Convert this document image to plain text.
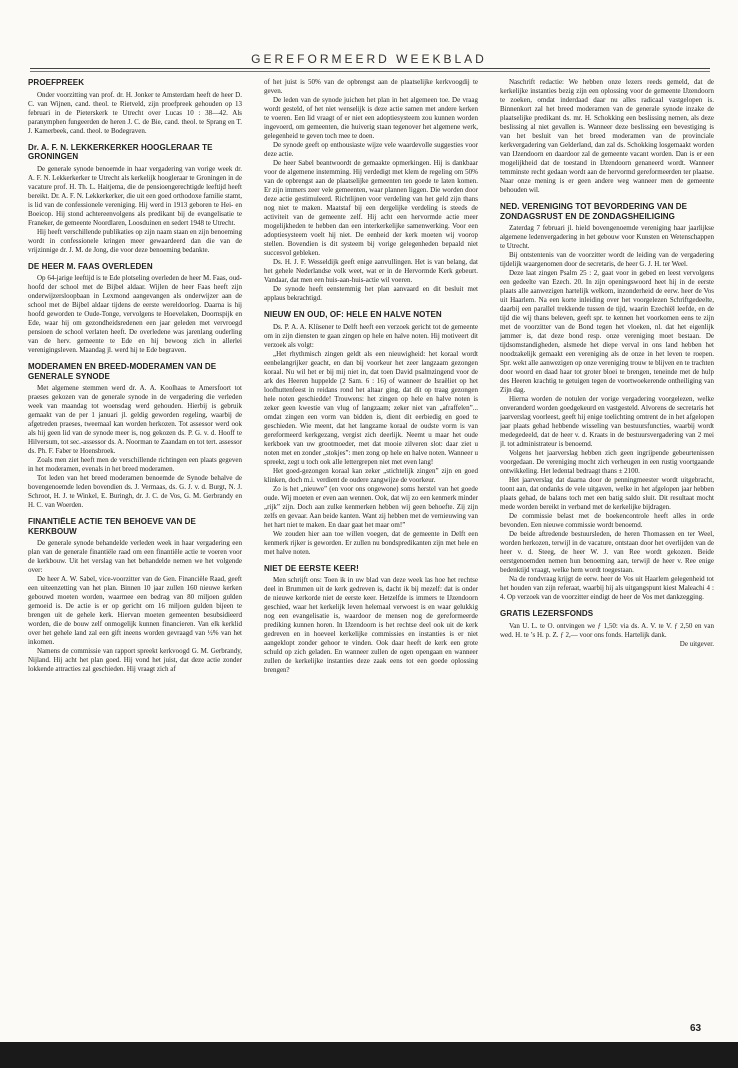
GEREFORMEERD WEEKBLAD
PROEFPREEK

Onder voorzitting van prof. dr. H. Jonker te Amsterdam heeft de heer D. C. van Wijnen, cand. theol. te Rietveld, zijn proefpreek gehouden op 13 februari in de Pieterskerk te Utrecht over Lucas 10 : 38—42. Als paranymphen fungeerden de heren J. C. de Bie, cand. theol. te Sprang en T. J. Kamerbeek, cand. theol. te Bodegraven.

Dr. A. F. N. LEKKERKERKER HOOGLERAAR TE GRONINGEN

De generale synode benoemde in haar vergadering van vorige week dr. A. F. N. Lekkerkerker te Utrecht als kerkelijk hoogleraar te Groningen in de vacature prof. H. Th. L. Haitjema, die de pensioengerechtigde leeftijd heeft bereikt. Dr. A. F. N. Lekkerkerker, die uit een goed orthodoxe familie stamt, is lid van de confessionele vereniging. Hij werd in 1913 geboren te Hei- en Boeicop. Hij stond achtereenvolgens als predikant bij de evangelisatie te Franeker, de gemeente Noordlaren, Loosduinen en sedert 1948 te Utrecht.

Hij heeft verschillende publikaties op zijn naam staan en zijn benoeming wordt in confessionele kringen meer gewaardeerd dan die van de vrijzinnige dr. J. M. de Jong, die voor deze benoeming bedankte.

DE HEER M. FAAS OVERLEDEN

Op 64-jarige leeftijd is te Ede plotseling overleden de heer M. Faas, oud-hoofd der school met de Bijbel aldaar. Wijlen de heer Faas heeft zijn onderwijzersloopbaan in Lexmond aangevangen als onderwijzer aan de school met de Bijbel aldaar tijdens de eerste wereldoorlog. Daarna is hij hoofd geworden te Oude-Tonge, vervolgens te Hoevelaken, Doornspijk en Ede, waar hij om gezondheidsredenen een jaar geleden met vervroegd pensioen de school verlaten heeft. De overledene was jarenlang ouderling van de herv. gemeente te Ede en hij bewoog zich in allerlei verenigingsleven. Maandag jl. werd hij te Ede begraven.

MODERAMEN EN BREED-MODERAMEN VAN DE GENERALE SYNODE

Met algemene stemmen werd dr. A. A. Koolhaas te Amersfoort tot praeses gekozen van de generale synode in de vergadering die verleden week van maandag tot woensdag werd gehouden. Hierbij is gebruik gemaakt van de per 1 januari jl. geldig geworden regeling, waarbij de afgetreden praeses, tweemaal kan worden herkozen. Tot assessor werd ook als hij geen lid van de synode meer is, nog gekozen ds. P. G. v. d. Hooff te Hilversum, tot sec.-assessor ds. A. Noorman te Zaandam en tot tert. assessor ds. Ph. F. Faber te Hoensbroek.

Zoals men ziet heeft men de verschillende richtingen een plaats gegeven in het moderamen, evenals in het breed moderamen.

Tot leden van het breed moderamen benoemde de Synode behalve de bovengenoemde leden bovendien ds. J. Vermaas, ds. G. J. v. d. Burgt, N. J. Schroot, H. J. te Winkel, E. Buringh, dr. J. C. de Vos, G. M. Gerbrandy en H. C. van Woerden.

FINANTIËLE ACTIE TEN BEHOEVE VAN DE KERKBOUW

De generale synode behandelde verleden week in haar vergadering een plan van de generale finantiële raad om een finantiële actie te voeren voor de kerkbouw. Uit het verslag van het behandelde nemen we het volgende over:

De heer A. W. Sabel, vice-voorzitter van de Gen. Financiële Raad, geeft een uiteenzetting van het plan. Binnen 10 jaar zullen 160 nieuwe kerken gebouwd moeten worden, waarmee een bedrag van 80 miljoen gulden gemoeid is. De actie is er op gericht om 16 miljoen gulden bijeen te brengen uit de gehele kerk. Hiervan moeten gemeenten besubsidieerd worden, die de bouw zelf onmogelijk kunnen financieren. Van elk kerklid over het gehele land zal een gift ineens worden gevraagd van ½% van het inkomen.

Namens de commissie van rapport spreekt kerkvoogd G. M. Gerbrandy, Nijland. Hij acht het plan goed. Hij vond het juist, dat deze actie zonder lokkende attracties zal geschieden. Hij vraagt zich af

of het juist is 50% van de opbrengst aan de plaatselijke kerkvoogdij te geven.

De leden van de synode juichen het plan in het algemeen toe. De vraag wordt gesteld, of het niet wenselijk is deze actie samen met andere kerken te voeren. Een lid vraagt of er niet een adoptiesysteem zou kunnen worden ingevoerd, om gemeenten, die huiverig staan tegenover het algemene werk, gelegenheid te geven toch mee te doen.

De synode geeft op enthousiaste wijze vele waardevolle suggesties voor deze actie.

De heer Sabel beantwoordt de gemaakte opmerkingen. Hij is dankbaar voor de algemene instemming. Hij verdedigt met klem de regeling om 50% van de opbrengst aan de plaatselijke gemeenten ten goede te laten komen. Er zijn immers zeer vele gemeenten, waar plannen liggen. Die worden door deze actie gestimuleerd. Richtlijnen voor verdeling van het geld zijn thans nog niet te maken. Maatstaf bij een dergelijke verdeling is steeds de activiteit van de gemeente zelf. Hij acht een hervormde actie meer mogelijkheden te hebben dan een interkerkelijke samenwerking. Voor een adoptiesysteem voelt hij niet. De eenheid der kerk moeten wij voorop stellen. Bovendien is dit systeem bij vorige gelegenheden bepaald niet succesvol gebleken.

Ds. H. J. F. Wesseldijk geeft enige aanvullingen. Het is van belang, dat het gehele Nederlandse volk weet, wat er in de Hervormde Kerk gebeurt. Vandaar, dat men een huis-aan-huis-actie wil voeren.

De synode heeft eenstemmig het plan aanvaard en dit besluit met applaus bekrachtigd.

NIEUW EN OUD, OF: HELE EN HALVE NOTEN

Ds. P. A. A. Klüsener te Delft heeft een verzoek gericht tot de gemeente om in zijn diensten te gaan zingen op hele en halve noten. Hij motiveert dit verzoek als volgt:

„Het rhythmisch zingen geldt als een nieuwigheid: het koraal wordt eenbelangrijker geacht, en dan bij voorkeur het zeer langzaam gezongen koraal. Nu wil het er bij mij niet in, dat toen David psalmzingend voor de ark des Heeren huppelde (2 Sam. 6 : 16) of wanneer de Israëliet op het loofhuttenfeest in reidans rond het altaar ging, dat dit op traag gezongen hele noten geschiedde! Trouwens: het zingen op hele en halve noten is zeker geen kwestie van vlug of langzaam; zeker niet van „afraffelen”... omdat zingen een vorm van bidden is, dient dit eerbiedig en goed te geschieden. Wie meent, dat het langzame koraal de oudste vorm is van gereformeerd kerkgezang, vergist zich deerlijk. Neemt u maar het oude kerkboek van uw grootmoeder, met dat mooie zilveren slot: daar ziet u noten met en zonder „stokjes”: men zong op hele en halve noten. Wanneer u spreekt, zegt u toch ook alle lettergrepen niet met even lang!

Het goed-gezongen koraal kan zeker „stichtelijk zingen” zijn en goed klinken, doch m.i. verdient de oudere zangwijze de voorkeur.

Zo is het „nieuwe” (en voor ons ongewone) soms herstel van het goede oude. Wij moeten er even aan wennen. Ook, dat wij zo een kenmerk minder „rijk” zijn. Doch aan zulke kenmerken hebben wij geen behoefte. Zij zijn zelfs en gevaar. Aan beide kanten. Want zij hebben met de vernieuwing van het hart niet te maken. En daar gaat het maar om!”

We zouden hier aan toe willen voegen, dat de gemeente in Delft een kenmerk rijker is geworden. Er zullen nu bondspredikanten zijn met hele en met halve noten.

NIET DE EERSTE KEER!

Men schrijft ons: Toen ik in uw blad van deze week las hoe het rechtse deel in Brummen uit de kerk gedreven is, dacht ik bij mezelf: dat is onder de nieuwe kerkorde niet de eerste keer. Hetzelfde is immers te IJzendoorn geschied, waar het kerkelijk leven helemaal verwoest is en waar gelukkig nog een evangelisatie is, waardoor de mensen nog de gereformeerde prediking kunnen horen. In IJzendoorn is het rechtse deel ook uit de kerk gedreven en in hoeveel kerkelijke commissies en instanties is er niet aangeklopt zonder gehoor te vinden. Ook daar heeft de kerk een grote schuld op zich geladen. En wanneer zullen de ogen opengaan en wanneer zullen de kerkelijke instanties deze zaak eens tot een goede oplossing brengen?

Naschrift redactie: We hebben onze lezers reeds gemeld, dat de kerkelijke instanties bezig zijn een oplossing voor de gemeente IJzendoorn te zoeken, omdat inderdaad daar nu alles radicaal vastgelopen is. Binnenkort zal het breed moderamen van de generale synode inzake de plaatselijke predikant ds. mr. H. Schokking een beslissing nemen, als deze beslissing al niet gevallen is. Wanneer deze beslissing een bevestiging is van het besluit van het breed moderamen van de provinciale kerkvergadering van Gelderland, dan zal ds. Schokking losgemaakt worden van IJzendoorn en daardoor zal de gemeente vacant worden. Dan is er een mogelijkheid dat de toestand in IJzendoorn genaneerd wordt. Wanneer temminste recht gedaan wordt aan de hervormd gereformeerden ter plaatse. Naar onze mening is er geen andere weg wanneer men de gemeente behouden wil.

NED. VERENIGING TOT BEVORDERING VAN DE ZONDAGSRUST EN DE ZONDAGSHEILIGING

Zaterdag 7 februari jl. hield bovengenoemde vereniging haar jaarlijkse algemene ledenvergadering in het gebouw voor Kunsten en Wetenschappen te Utrecht.

Bij ontstentenis van de voorzitter wordt de leiding van de vergadering tijdelijk waargenomen door de secretaris, de heer G. J. H. ter Weel.

Deze laat zingen Psalm 25 : 2, gaat voor in gebed en leest vervolgens een gedeelte van Ezech. 20. In zijn openingswoord heet hij in de eerste plaats alle aanwezigen hartelijk welkom, inzonderheid de eerw. heer de Vos uit Haarlem. Na een korte inleiding over het voorgelezen Schriftgedeelte, daarbij een parallel trekkende tussen de tijd, waarin Ezechiël leefde, en de tijd die wij thans beleven, geeft spr. te kennen het voorkomen eens te zijn met de voorzitter van de Bond tegen het vloeken, nl. dat het eigenlijk jammer is, dat deze bond resp. onze vereniging moet bestaan. De tijdsomstandigheden, alsmede het diepe verval in ons land hebben het noodzakelijk gemaakt een vereniging als de onze in het leven te roepen. Spr. wekt alle aanwezigen op onze vereniging trouw te blijven en te trachten door woord en daad haar tot groter bloei te brengen, teneinde met de hulp des Heeren krachtig te getuigen tegen de voortwoekerende ontheiliging van Zijn dag.

Hierna worden de notulen der vorige vergadering voorgelezen, welke onveranderd worden goedgekeurd en vastgesteld. Alvorens de secretaris het jaarverslag voorleest, geeft hij enige toelichting omtrent de in het afgelopen jaar plaats gehad hebbende wisseling van bestuursfuncties, waarbij wordt medegedeeld, dat de heer v. d. Kraats in de bestuursvergadering van 2 mei jl. tot administrateur is benoemd.

Volgens het jaarverslag hebben zich geen ingrijpende gebeurtenissen voorgedaan. De vereniging mocht zich verheugen in een rustig voortgaande ontwikkeling. Het ledental bedraagt thans ± 2100.

Het jaarverslag dat daarna door de penningmeester wordt uitgebracht, toont aan, dat ondanks de vele uitgaven, welke in het afgelopen jaar hebben plaats gehad, de balans toch met een batig saldo sluit. Dit resultaat mocht mede worden bereikt in verband met de kerkelijke bijdragen.

De commissie belast met de boekencontrole heeft alles in orde bevonden. Een nieuwe commissie wordt benoemd.

De beide aftredende bestuursleden, de heren Thomassen en ter Weel, worden herkozen, terwijl in de vacature, ontstaan door het overlijden van de heer v. d. Steeg, de heer W. J. van Ree wordt gekozen. Beide eerstgenoemden nemen hun benoeming aan, terwijl de heer v. Ree enige bedenktijd vraagt, welke hem wordt toegestaan.

Na de rondvraag krijgt de eerw. heer de Vos uit Haarlem gelegenheid tot het houden van zijn referaat, waarbij hij als uitgangspunt kiest Maleachi 4 : 4. Op verzoek van de voorzitter eindigt de heer de Vos met dankzegging.

GRATIS LEZERSFONDS

Van U. L. te O. ontvingen we ƒ 1,50: via ds. A. V. te V. ƒ 2,50 en van wed. H. te ’s H. p. Z. ƒ 2,— voor ons fonds. Hartelijk dank.

De uitgever.

63
